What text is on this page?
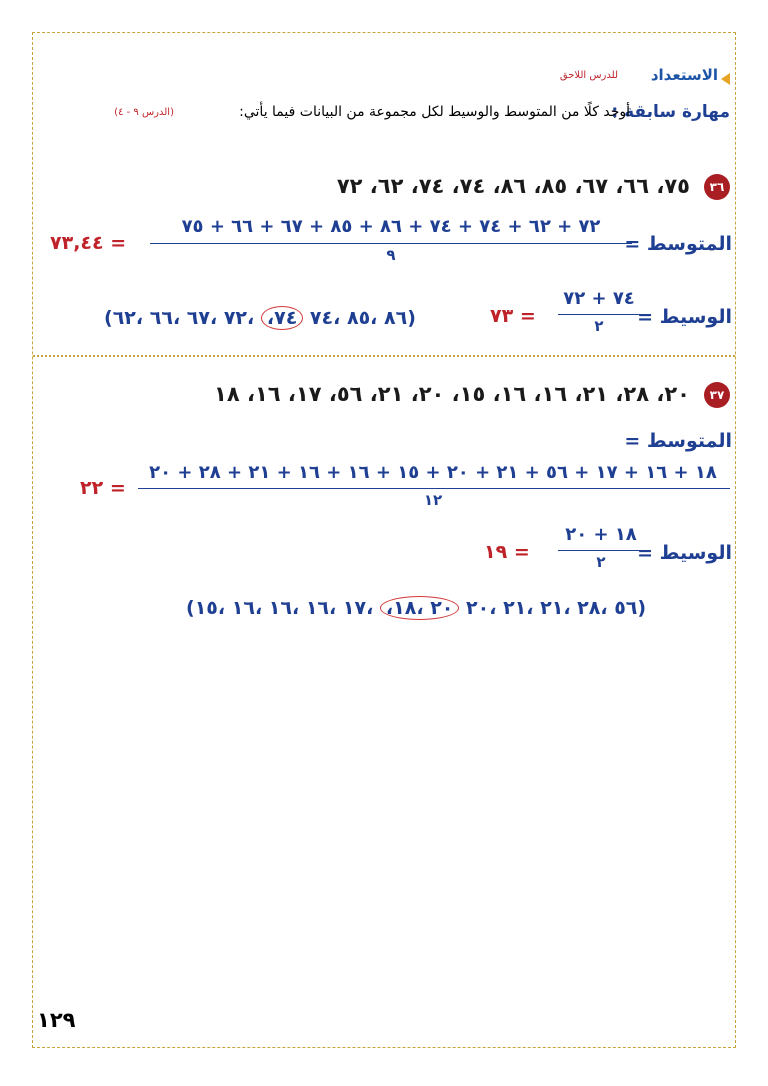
الاستعداد
للدرس اللاحق
مهارة سابقة :
أوجد كلًا من المتوسط والوسيط لكل مجموعة من البيانات فيما يأتي:
(الدرس ٩ - ٤)
٣٦
٧٥، ٦٦، ٦٧، ٨٥، ٨٦، ٧٤، ٧٤، ٦٢، ٧٢
المتوسط =
٧٢ + ٦٢ + ٧٤ + ٧٤ + ٨٦ + ٨٥ + ٦٧ + ٦٦ + ٧٥
٩
٧٣,٤٤ =
الوسيط =
٧٤ + ٧٢
٢
٧٣ =
(٨٦ ،٨٥ ،٧٤ ،٧٤ ،٧٢ ،٦٧ ،٦٦ ،٦٢)
٣٧
٢٠، ٢٨، ٢١، ١٦، ١٦، ١٥، ٢٠، ٢١، ٥٦، ١٧، ١٦، ١٨
المتوسط =
١٨ + ١٦ + ١٧ + ٥٦ + ٢١ + ٢٠ + ١٥ + ١٦ + ١٦ + ٢١ + ٢٨ + ٢٠
١٢
٢٢ =
الوسيط =
١٨ + ٢٠
٢
١٩ =
(٥٦ ،٢٨ ،٢١ ،٢١ ،٢٠ ،٢٠ ،١٨ ،١٧ ،١٦ ،١٦ ،١٦ ،١٥)
١٢٩
